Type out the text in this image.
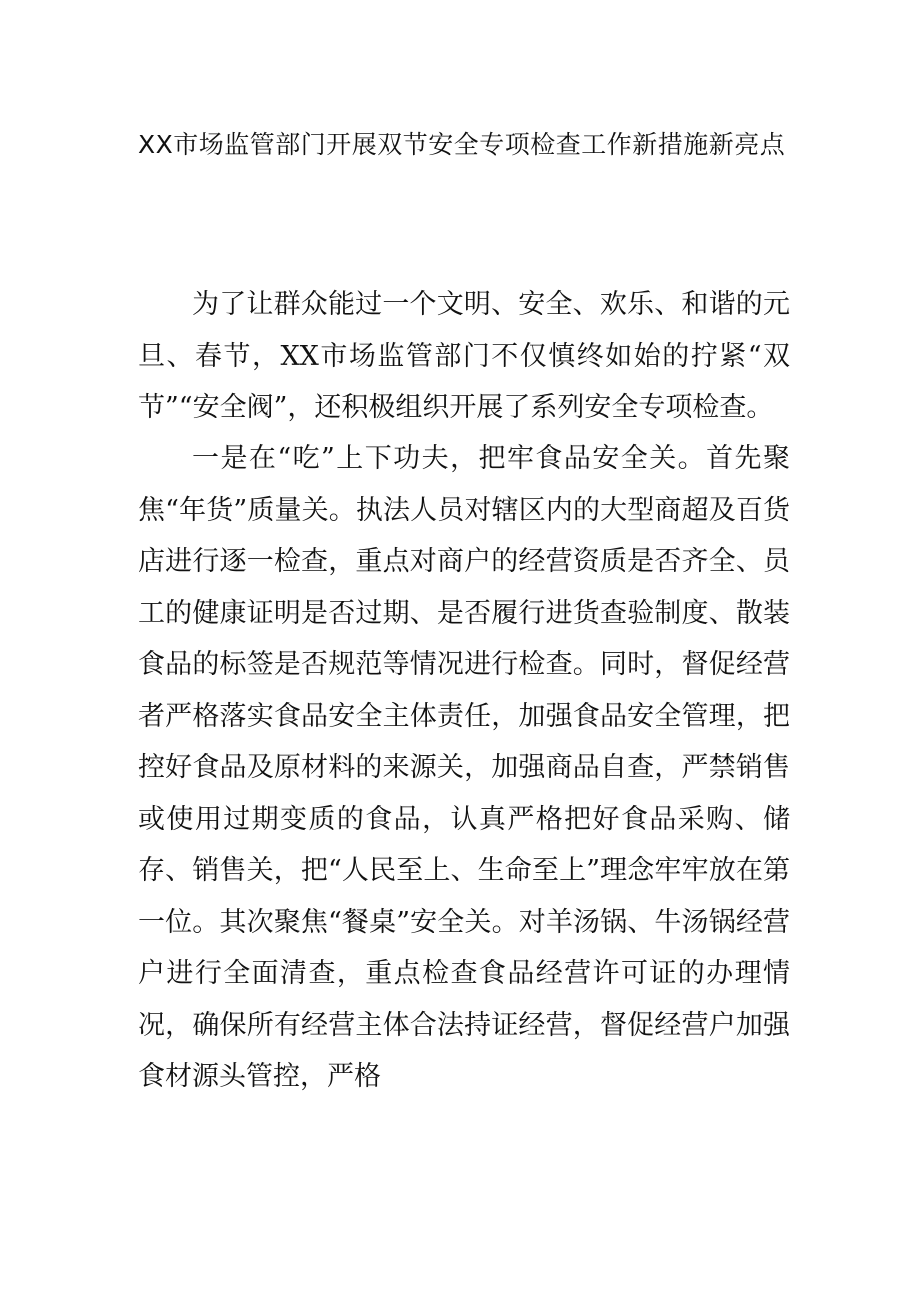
XX市场监管部门开展双节安全专项检查工作新措施新亮点

为了让群众能过一个文明、安全、欢乐、和谐的元旦、春节，XX市场监管部门不仅慎终如始的拧紧“双节”“安全阀”，还积极组织开展了系列安全专项检查。

一是在“吃”上下功夫，把牢食品安全关。首先聚焦“年货”质量关。执法人员对辖区内的大型商超及百货店进行逐一检查，重点对商户的经营资质是否齐全、员工的健康证明是否过期、是否履行进货查验制度、散装食品的标签是否规范等情况进行检查。同时，督促经营者严格落实食品安全主体责任，加强食品安全管理，把控好食品及原材料的来源关，加强商品自查，严禁销售或使用过期变质的食品，认真严格把好食品采购、储存、销售关，把“人民至上、生命至上”理念牢牢放在第一位。其次聚焦“餐桌”安全关。对羊汤锅、牛汤锅经营户进行全面清查，重点检查食品经营许可证的办理情况，确保所有经营主体合法持证经营，督促经营户加强食材源头管控，严格
